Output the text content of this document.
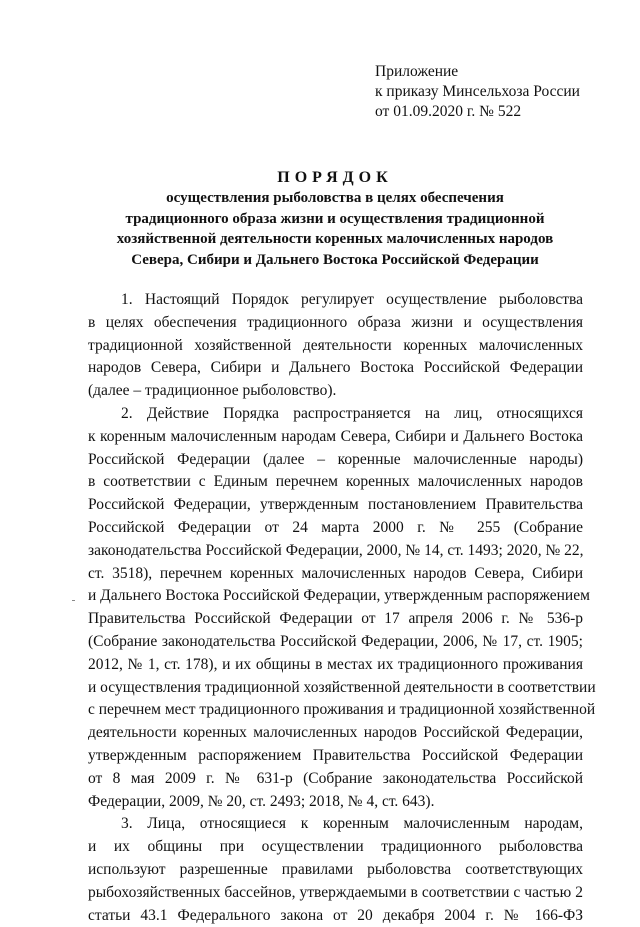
Приложение
к приказу Минсельхоза России
от 01.09.2020 г. № 522
ПОРЯДОК
осуществления рыболовства в целях обеспечения
традиционного образа жизни и осуществления традиционной
хозяйственной деятельности коренных малочисленных народов
Севера, Сибири и Дальнего Востока Российской Федерации
1. Настоящий Порядок регулирует осуществление рыболовства
в целях обеспечения традиционного образа жизни и осуществления
традиционной хозяйственной деятельности коренных малочисленных
народов Севера, Сибири и Дальнего Востока Российской Федерации
(далее – традиционное рыболовство).
2. Действие Порядка распространяется на лиц, относящихся
к коренным малочисленным народам Севера, Сибири и Дальнего Востока
Российской Федерации (далее – коренные малочисленные народы)
в соответствии с Единым перечнем коренных малочисленных народов
Российской Федерации, утвержденным постановлением Правительства
Российской Федерации от 24 марта 2000 г. № 255 (Собрание
законодательства Российской Федерации, 2000, № 14, ст. 1493; 2020, № 22,
ст. 3518), перечнем коренных малочисленных народов Севера, Сибири
и Дальнего Востока Российской Федерации, утвержденным распоряжением
Правительства Российской Федерации от 17 апреля 2006 г. № 536-р
(Собрание законодательства Российской Федерации, 2006, № 17, ст. 1905;
2012, № 1, ст. 178), и их общины в местах их традиционного проживания
и осуществления традиционной хозяйственной деятельности в соответствии
с перечнем мест традиционного проживания и традиционной хозяйственной
деятельности коренных малочисленных народов Российской Федерации,
утвержденным распоряжением Правительства Российской Федерации
от 8 мая 2009 г. № 631-р (Собрание законодательства Российской
Федерации, 2009, № 20, ст. 2493; 2018, № 4, ст. 643).
3. Лица, относящиеся к коренным малочисленным народам,
и их общины при осуществлении традиционного рыболовства
используют разрешенные правилами рыболовства соответствующих
рыбохозяйственных бассейнов, утверждаемыми в соответствии с частью 2
статьи 43.1 Федерального закона от 20 декабря 2004 г. № 166-ФЗ
